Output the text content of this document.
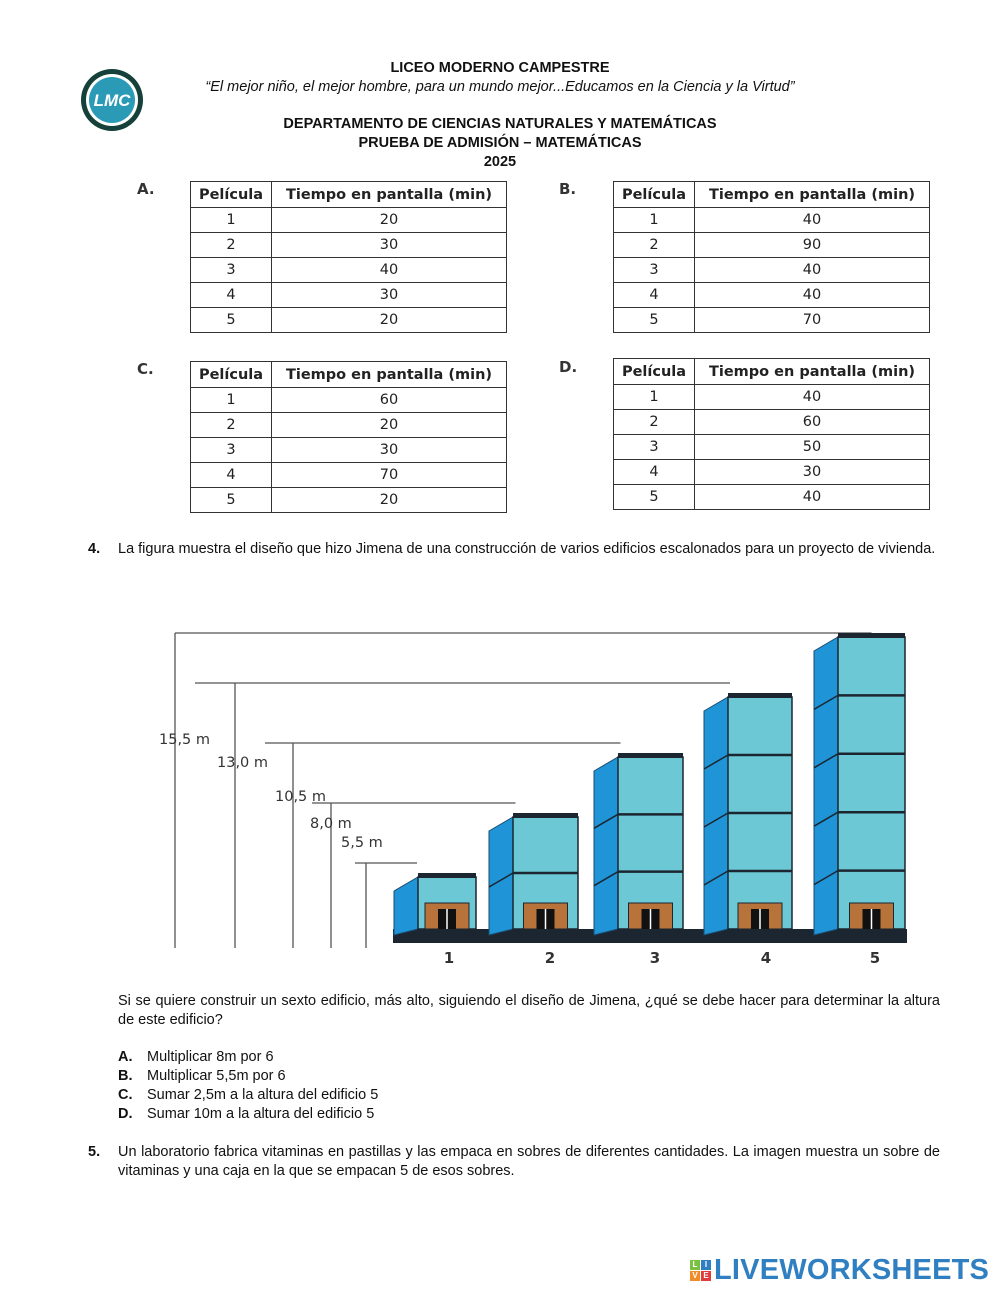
LMC
LICEO MODERNO CAMPESTRE
“El mejor niño, el mejor hombre, para un mundo mejor...Educamos en la Ciencia y la Virtud”
DEPARTAMENTO DE CIENCIAS NATURALES Y MATEMÁTICAS
PRUEBA DE ADMISIÓN – MATEMÁTICAS
2025
A.	Película	Tiempo en pantalla (min)
1	20
2	30
3	40
4	30
5	20
B.	Película	Tiempo en pantalla (min)
1	40
2	90
3	40
4	40
5	70
C.	Película	Tiempo en pantalla (min)
1	60
2	20
3	30
4	70
5	20
D.	Película	Tiempo en pantalla (min)
1	40
2	60
3	50
4	30
5	40
4. La figura muestra el diseño que hizo Jimena de una construcción de varios edificios escalonados para un proyecto de vivienda.
15,5 m
13,0 m
10,5 m
8,0 m
5,5 m
1	2	3	4	5
Si se quiere construir un sexto edificio, más alto, siguiendo el diseño de Jimena, ¿qué se debe hacer para determinar la altura de este edificio?
A. Multiplicar 8m por 6
B. Multiplicar 5,5m por 6
C. Sumar 2,5m a la altura del edificio 5
D. Sumar 10m a la altura del edificio 5
5. Un laboratorio fabrica vitaminas en pastillas y las empaca en sobres de diferentes cantidades. La imagen muestra un sobre de vitaminas y una caja en la que se empacan 5 de esos sobres.
L I
V E LIVEWORKSHEETS
